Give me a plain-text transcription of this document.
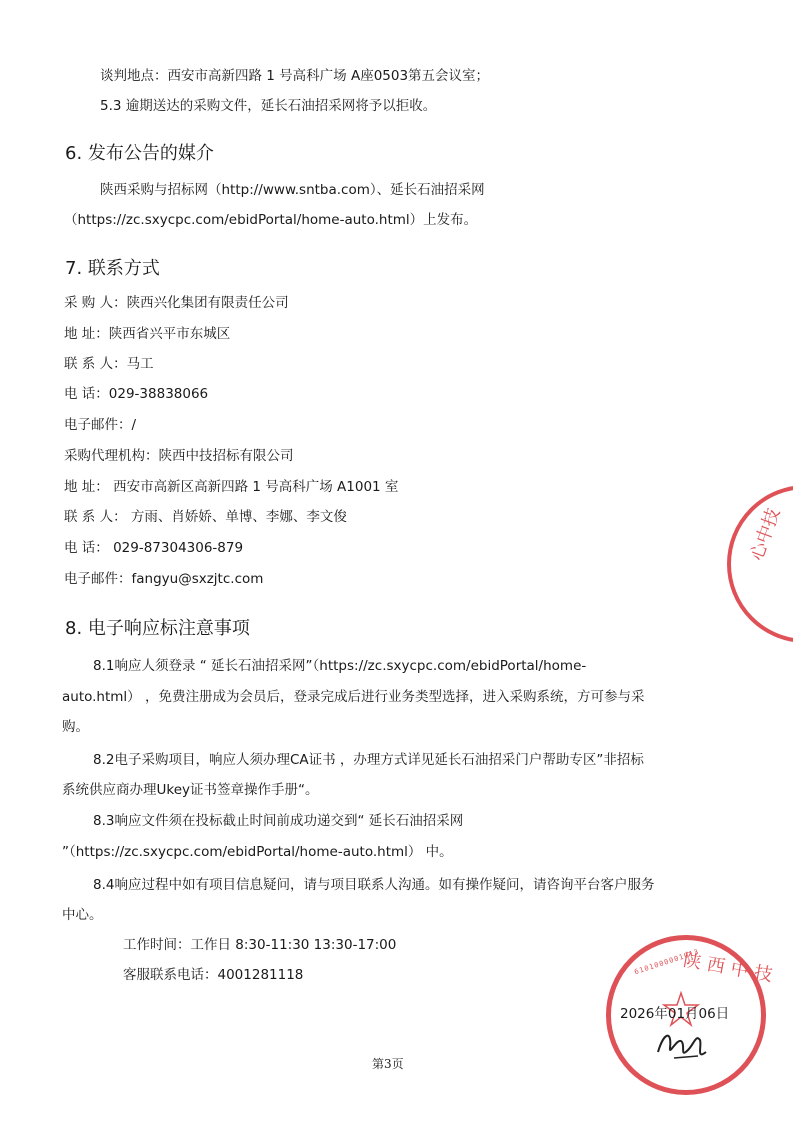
谈判地点：西安市高新四路 1 号高科广场 A座0503第五会议室；
5.3 逾期送达的采购文件，延长石油招采网将予以拒收。
6. 发布公告的媒介
陕西采购与招标网（http://www.sntba.com）、延长石油招采网
（https://zc.sxycpc.com/ebidPortal/home-auto.html）上发布。
7. 联系方式
采 购 人：陕西兴化集团有限责任公司
地 址：陕西省兴平市东城区
联 系 人：马工
电 话：029-38838066
电子邮件：/
采购代理机构：陕西中技招标有限公司
地 址： 西安市高新区高新四路 1 号高科广场 A1001 室
联 系 人： 方雨、肖娇娇、单博、李娜、李文俊
电 话： 029-87304306-879
电子邮件：fangyu@sxzjtc.com
8. 电子响应标注意事项
8.1响应人须登录 “ 延长石油招采网”（https://zc.sxycpc.com/ebidPortal/home-
auto.html） ，免费注册成为会员后，登录完成后进行业务类型选择，进入采购系统，方可参与采
购。
8.2电子采购项目，响应人须办理CA证书 ，办理方式详见延长石油招采门户帮助专区”非招标
系统供应商办理Ukey证书签章操作手册“。
8.3响应文件须在投标截止时间前成功递交到“ 延长石油招采网
”（https://zc.sxycpc.com/ebidPortal/home-auto.html） 中。
8.4响应过程中如有项目信息疑问，请与项目联系人沟通。如有操作疑问，请咨询平台客户服务
中心。
工作时间：工作日 8:30-11:30 13:30-17:00
客服联系电话：4001281118
心中技
6101000001013
陕西中技
2026年01月06日
第3页
